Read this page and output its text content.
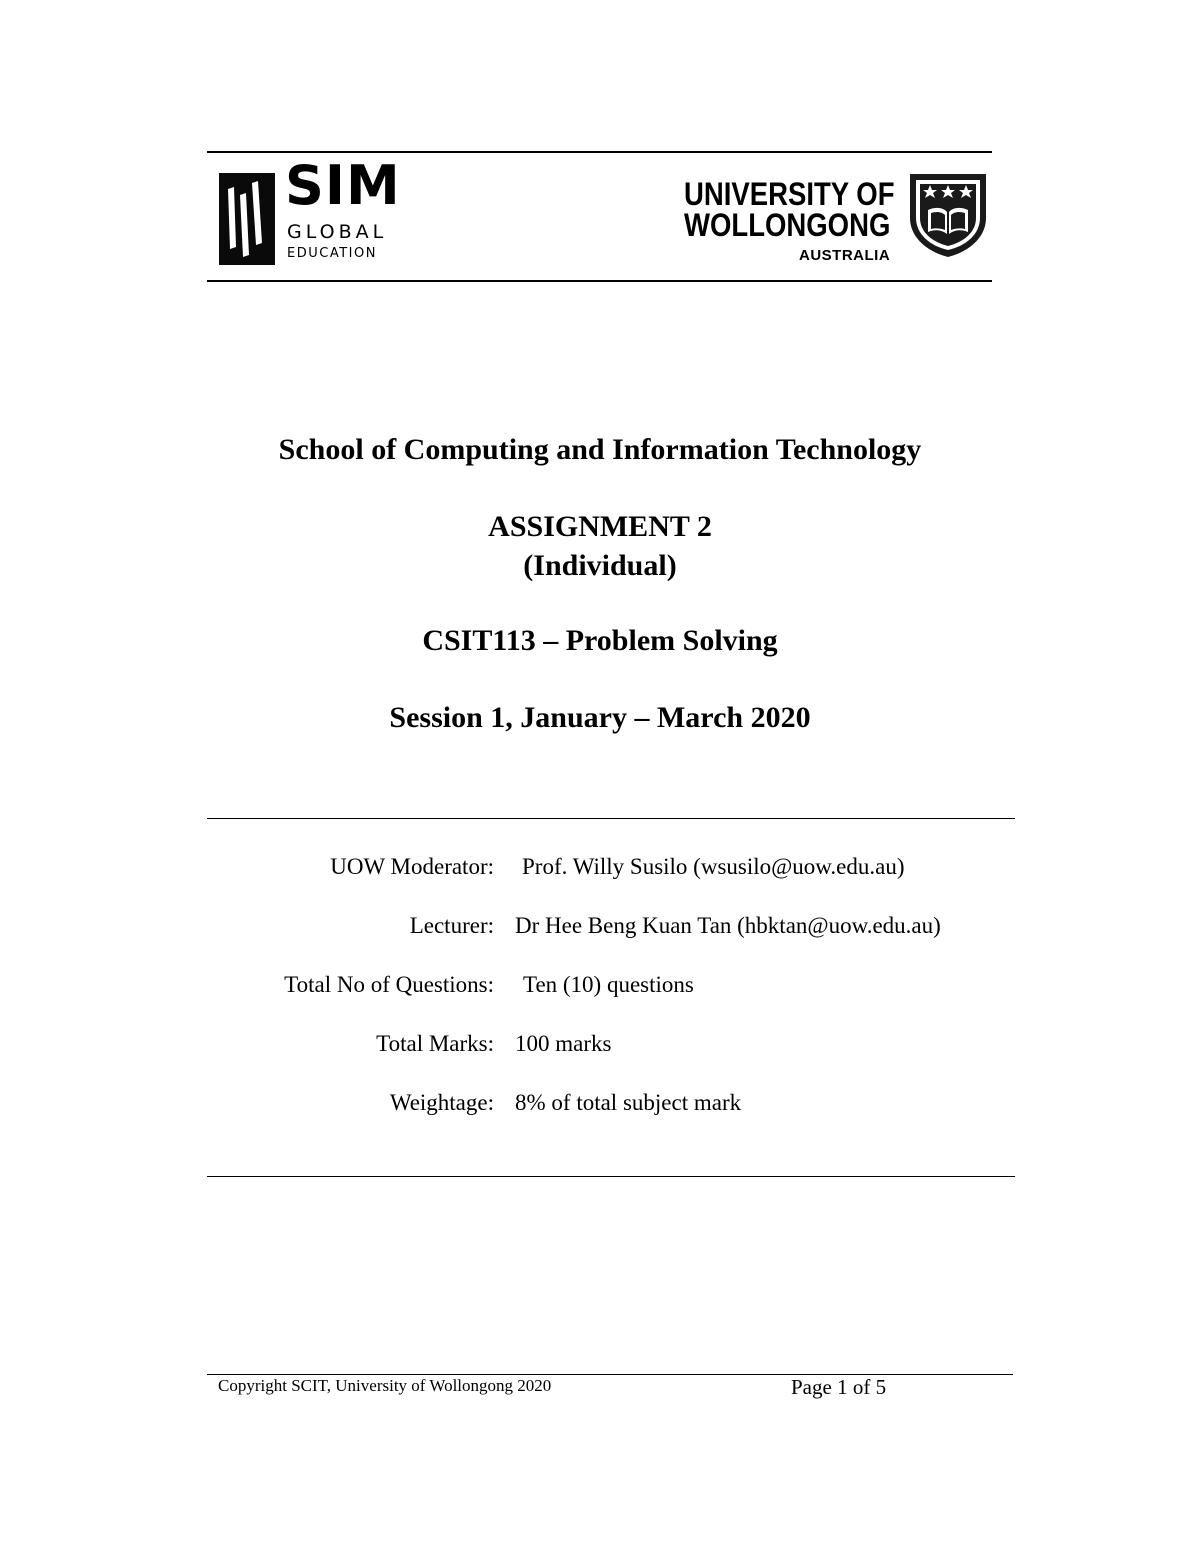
SIM
GLOBAL
EDUCATION
UNIVERSITY OF
WOLLONGONG
AUSTRALIA
School of Computing and Information Technology
ASSIGNMENT 2
(Individual)
CSIT113 – Problem Solving
Session 1, January – March 2020
UOW Moderator: Prof. Willy Susilo (wsusilo@uow.edu.au)
Lecturer: Dr Hee Beng Kuan Tan (hbktan@uow.edu.au)
Total No of Questions: Ten (10) questions
Total Marks: 100 marks
Weightage: 8% of total subject mark
Copyright SCIT, University of Wollongong 2020	Page 1 of 5
